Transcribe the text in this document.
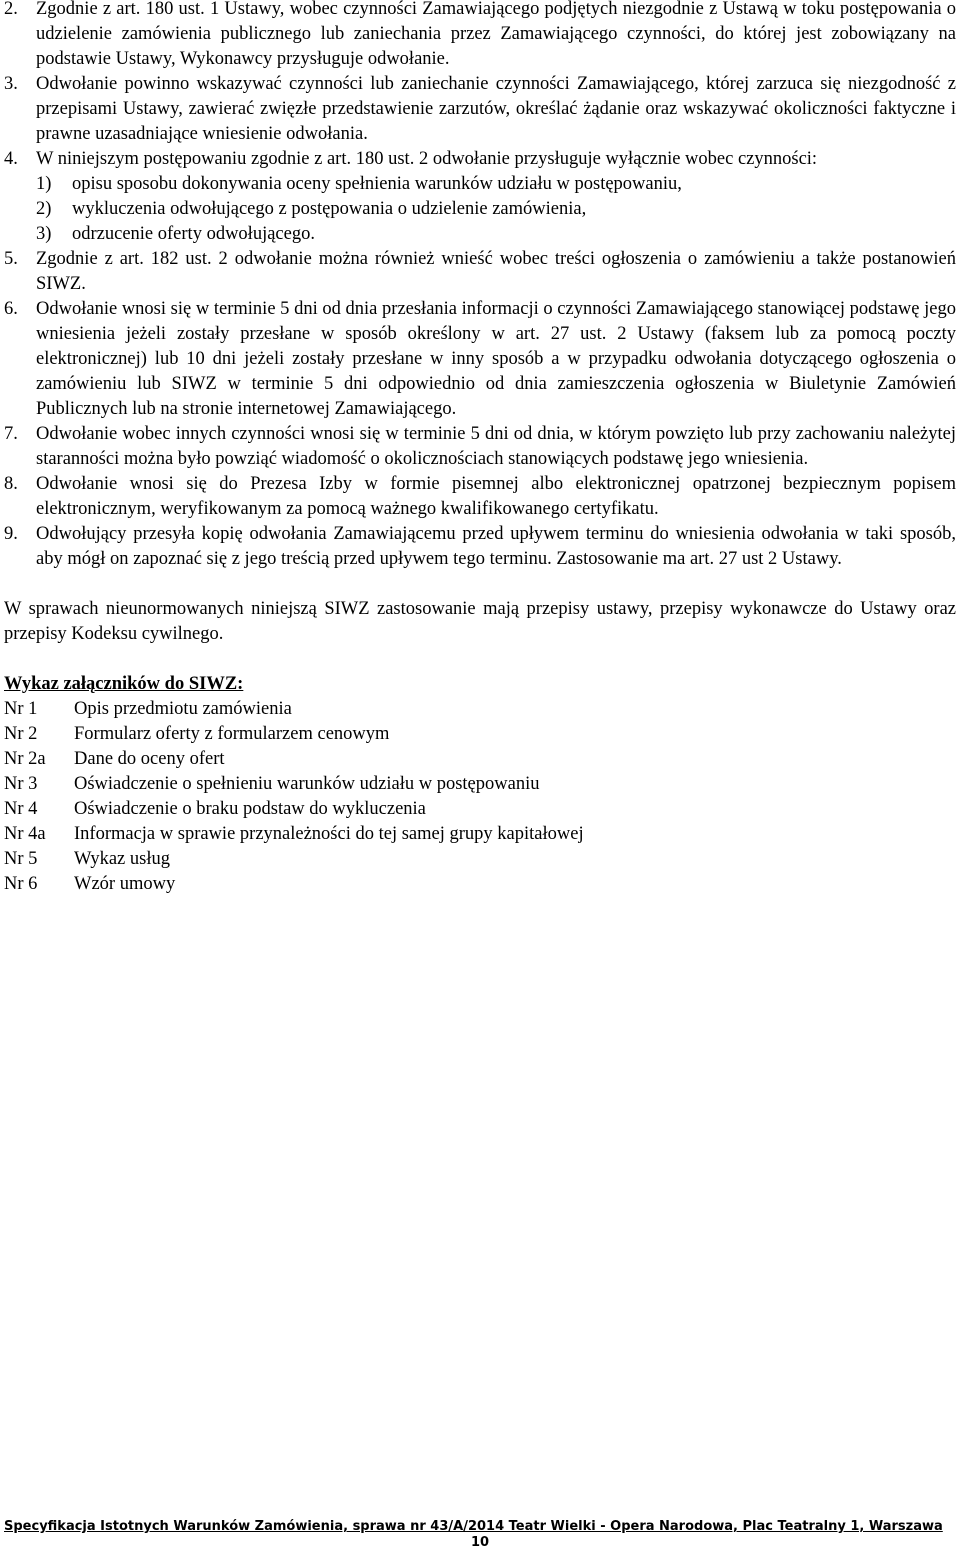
2. Zgodnie z art. 180 ust. 1 Ustawy, wobec czynności Zamawiającego podjętych niezgodnie z Ustawą w toku postępowania o udzielenie zamówienia publicznego lub zaniechania przez Zamawiającego czynności, do której jest zobowiązany na podstawie Ustawy, Wykonawcy przysługuje odwołanie.
3. Odwołanie powinno wskazywać czynności lub zaniechanie czynności Zamawiającego, której zarzuca się niezgodność z przepisami Ustawy, zawierać zwięzłe przedstawienie zarzutów, określać żądanie oraz wskazywać okoliczności faktyczne i prawne uzasadniające wniesienie odwołania.
4. W niniejszym postępowaniu zgodnie z art. 180 ust. 2 odwołanie przysługuje wyłącznie wobec czynności:
1)	opisu sposobu dokonywania oceny spełnienia warunków udziału w postępowaniu,
2)	wykluczenia odwołującego z postępowania o udzielenie zamówienia,
3)	odrzucenie oferty odwołującego.
5. Zgodnie z art. 182 ust. 2 odwołanie można również wnieść wobec treści ogłoszenia o zamówieniu a także postanowień SIWZ.
6. Odwołanie wnosi się w terminie 5 dni od dnia przesłania informacji o czynności Zamawiającego stanowiącej podstawę jego wniesienia jeżeli zostały przesłane w sposób określony w art. 27 ust. 2 Ustawy (faksem lub za pomocą poczty elektronicznej) lub 10 dni jeżeli zostały przesłane w inny sposób a w przypadku odwołania dotyczącego ogłoszenia o zamówieniu lub SIWZ w terminie 5 dni odpowiednio od dnia zamieszczenia ogłoszenia w Biuletynie Zamówień Publicznych lub na stronie internetowej Zamawiającego.
7. Odwołanie wobec innych czynności wnosi się w terminie 5 dni od dnia, w którym powzięto lub przy zachowaniu należytej staranności można było powziąć wiadomość o okolicznościach stanowiących podstawę jego wniesienia.
8. Odwołanie wnosi się do Prezesa Izby w formie pisemnej albo elektronicznej opatrzonej bezpiecznym popisem elektronicznym, weryfikowanym za pomocą ważnego kwalifikowanego certyfikatu.
9. Odwołujący przesyła kopię odwołania Zamawiającemu przed upływem terminu do wniesienia odwołania w taki sposób, aby mógł on zapoznać się z jego treścią przed upływem tego terminu. Zastosowanie ma art. 27 ust 2 Ustawy.
W sprawach nieunormowanych niniejszą SIWZ zastosowanie mają przepisy ustawy, przepisy wykonawcze do Ustawy oraz przepisy Kodeksu cywilnego.
Wykaz załączników do SIWZ:
Nr 1	Opis przedmiotu zamówienia
Nr 2	Formularz oferty z formularzem cenowym
Nr 2a	Dane do oceny ofert
Nr 3	Oświadczenie o spełnieniu warunków udziału w postępowaniu
Nr 4	Oświadczenie o braku podstaw do wykluczenia
Nr 4a	Informacja w sprawie przynależności do tej samej grupy kapitałowej
Nr 5	Wykaz usług
Nr 6	Wzór umowy
Specyfikacja Istotnych Warunków Zamówienia, sprawa nr 43/A/2014 Teatr Wielki - Opera Narodowa, Plac Teatralny 1, Warszawa
10
